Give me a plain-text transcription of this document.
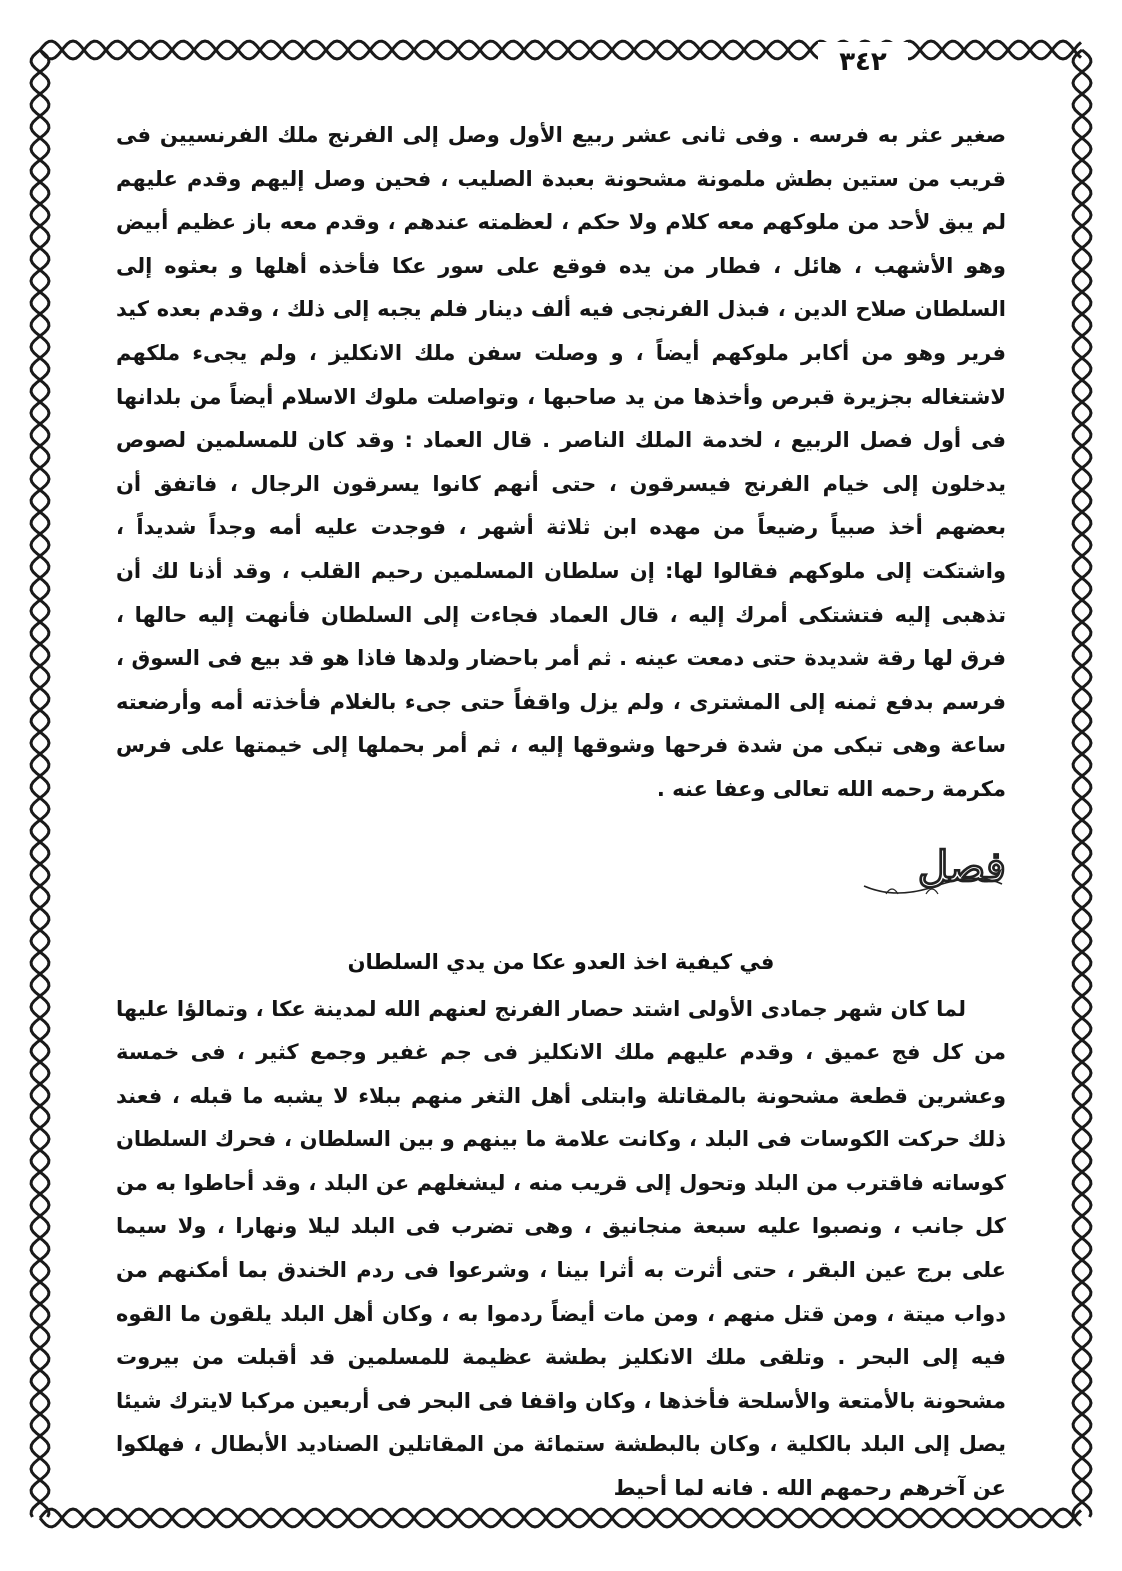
٣٤٢

صغير عثر به فرسه . وفى ثانى عشر ربيع الأول وصل إلى الفرنج ملك الفرنسيين فى قريب من ستين بطش ملمونة مشحونة بعبدة الصليب ، فحين وصل إليهم وقدم عليهم لم يبق لأحد من ملوكهم معه كلام ولا حكم ، لعظمته عندهم ، وقدم معه باز عظيم أبيض وهو الأشهب ، هائل ، فطار من يده فوقع على سور عكا فأخذه أهلها و بعثوه إلى السلطان صلاح الدين ، فبذل الفرنجى فيه ألف دينار فلم يجبه إلى ذلك ، وقدم بعده كيد فرير وهو من أكابر ملوكهم أيضاً ، و وصلت سفن ملك الانكليز ، ولم يجىء ملكهم لاشتغاله بجزيرة قبرص وأخذها من يد صاحبها ، وتواصلت ملوك الاسلام أيضاً من بلدانها فى أول فصل الربيع ، لخدمة الملك الناصر . قال العماد : وقد كان للمسلمين لصوص يدخلون إلى خيام الفرنج فيسرقون ، حتى أنهم كانوا يسرقون الرجال ، فاتفق أن بعضهم أخذ صبياً رضيعاً من مهده ابن ثلاثة أشهر ، فوجدت عليه أمه وجداً شديداً ، واشتكت إلى ملوكهم فقالوا لها: إن سلطان المسلمين رحيم القلب ، وقد أذنا لك أن تذهبى إليه فتشتكى أمرك إليه ، قال العماد فجاءت إلى السلطان فأنهت إليه حالها ، فرق لها رقة شديدة حتى دمعت عينه . ثم أمر باحضار ولدها فاذا هو قد بيع فى السوق ، فرسم بدفع ثمنه إلى المشترى ، ولم يزل واقفاً حتى جىء بالغلام فأخذته أمه وأرضعته ساعة وهى تبكى من شدة فرحها وشوقها إليه ، ثم أمر بحملها إلى خيمتها على فرس مكرمة رحمه الله تعالى وعفا عنه .

فصل
في كيفية اخذ العدو عكا من يدي السلطان

لما كان شهر جمادى الأولى اشتد حصار الفرنج لعنهم الله لمدينة عكا ، وتمالؤا عليها من كل فج عميق ، وقدم عليهم ملك الانكليز فى جم غفير وجمع كثير ، فى خمسة وعشرين قطعة مشحونة بالمقاتلة وابتلى أهل الثغر منهم ببلاء لا يشبه ما قبله ، فعند ذلك حركت الكوسات فى البلد ، وكانت علامة ما بينهم و بين السلطان ، فحرك السلطان كوساته فاقترب من البلد وتحول إلى قريب منه ، ليشغلهم عن البلد ، وقد أحاطوا به من كل جانب ، ونصبوا عليه سبعة منجانيق ، وهى تضرب فى البلد ليلا ونهارا ، ولا سيما على برج عين البقر ، حتى أثرت به أثرا بينا ، وشرعوا فى ردم الخندق بما أمكنهم من دواب ميتة ، ومن قتل منهم ، ومن مات أيضاً ردموا به ، وكان أهل البلد يلقون ما القوه فيه إلى البحر . وتلقى ملك الانكليز بطشة عظيمة للمسلمين قد أقبلت من بيروت مشحونة بالأمتعة والأسلحة فأخذها ، وكان واقفا فى البحر فى أربعين مركبا لايترك شيئا يصل إلى البلد بالكلية ، وكان بالبطشة ستمائة من المقاتلين الصناديد الأبطال ، فهلكوا عن آخرهم رحمهم الله . فانه لما أحيط
